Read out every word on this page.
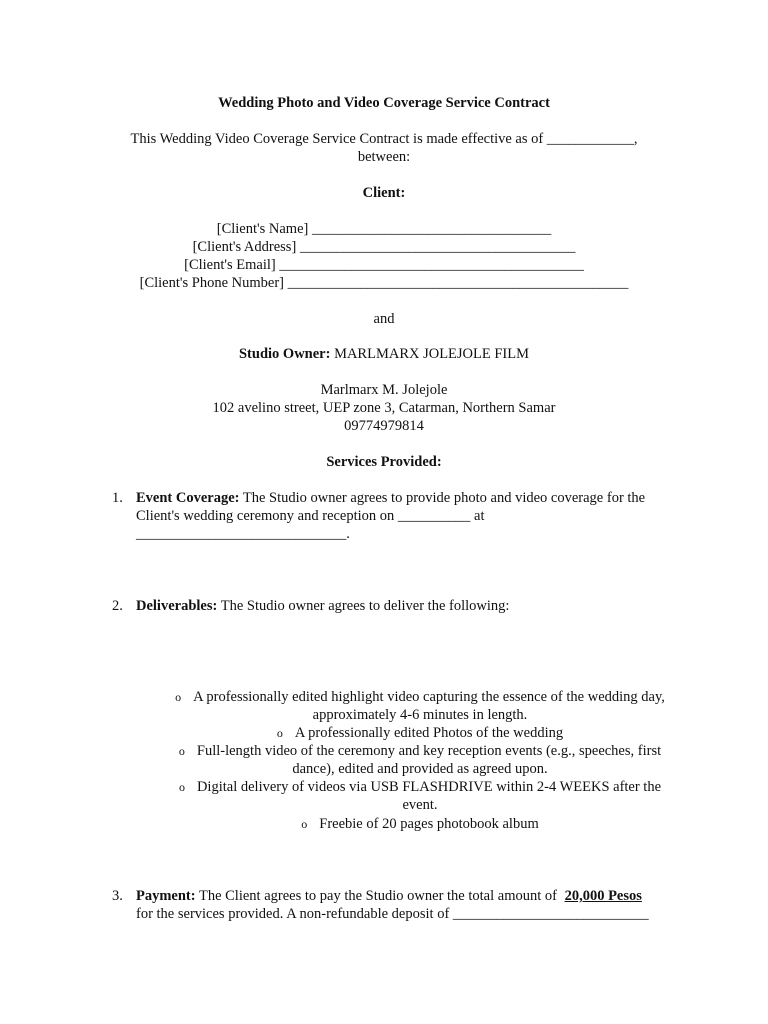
Wedding Photo and Video Coverage Service Contract
This Wedding Video Coverage Service Contract is made effective as of ____________,
between:
Client:
[Client's Name] _________________________________
[Client's Address] ______________________________________
[Client's Email] __________________________________________
[Client's Phone Number] _______________________________________________
and
Studio Owner: MARLMARX JOLEJOLE FILM
Marlmarx M. Jolejole
102 avelino street, UEP zone 3, Catarman, Northern Samar
09774979814
Services Provided:
1. Event Coverage: The Studio owner agrees to provide photo and video coverage for the
Client's wedding ceremony and reception on __________ at
_____________________________.
2. Deliverables: The Studio owner agrees to deliver the following:
o A professionally edited highlight video capturing the essence of the wedding day,
approximately 4-6 minutes in length.
o A professionally edited Photos of the wedding
o Full-length video of the ceremony and key reception events (e.g., speeches, first
dance), edited and provided as agreed upon.
o Digital delivery of videos via USB FLASHDRIVE within 2-4 WEEKS after the
event.
o Freebie of 20 pages photobook album
3. Payment: The Client agrees to pay the Studio owner the total amount of 20,000 Pesos
for the services provided. A non-refundable deposit of ___________________________
